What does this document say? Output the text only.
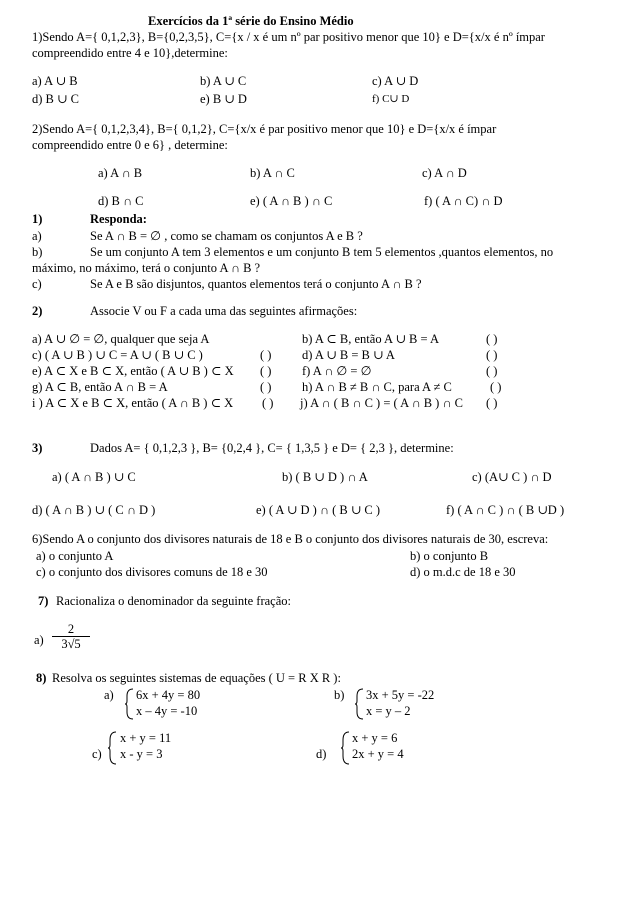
Exercícios da 1ª série do Ensino Médio
1)Sendo A={ 0,1,2,3}, B={0,2,3,5}, C={x / x é um nº par positivo menor que 10} e D={x/x é nº ímpar
compreendido entre 4 e 10},determine:
a) A ∪ B	b) A ∪ C	c) A ∪ D
d) B ∪ C	e) B ∪ D	f) C∪ D
2)Sendo A={ 0,1,2,3,4}, B={ 0,1,2}, C={x/x é par positivo menor que 10} e D={x/x é ímpar
compreendido entre 0 e 6} , determine:
a) A ∩ B	b) A ∩ C	c) A ∩ D
d) B ∩ C	e) ( A ∩ B ) ∩ C	f) ( A ∩ C) ∩ D
1)	Responda:
a)	Se A ∩ B = ∅ , como se chamam os conjuntos A e B ?
b)	Se um conjunto A tem 3 elementos e um conjunto B tem 5 elementos ,quantos elementos, no
máximo, no máximo, terá o conjunto A ∩ B ?
c)	Se A e B são disjuntos, quantos elementos terá o conjunto A ∩ B ?
2)	Associe V ou F a cada uma das seguintes afirmações:
a) A ∪ ∅ = ∅, qualquer que seja A	b) A ⊂ B, então A ∪ B = A	( )
c) ( A ∪ B ) ∪ C = A ∪ ( B ∪ C )	( ) d) A ∪ B = B ∪ A	( )
e) A ⊂ X e B ⊂ X, então ( A ∪ B ) ⊂ X ( ) f) A ∩ ∅ = ∅	( )
g) A ⊂ B, então A ∩ B = A	( ) h) A ∩ B ≠ B ∩ C, para A ≠ C	( )
i ) A ⊂ X e B ⊂ X, então ( A ∩ B ) ⊂ X ( ) j) A ∩ ( B ∩ C ) = ( A ∩ B ) ∩ C ( )
3)	Dados A= { 0,1,2,3 }, B= {0,2,4 }, C= { 1,3,5 } e D= { 2,3 }, determine:
a) ( A ∩ B ) ∪ C	b) ( B ∪ D ) ∩ A	c) (A∪ C ) ∩ D
d) ( A ∩ B ) ∪ ( C ∩ D )	e) ( A ∪ D ) ∩ ( B ∪ C )	f) ( A ∩ C ) ∩ ( B ∪D )
6)Sendo A o conjunto dos divisores naturais de 18 e B o conjunto dos divisores naturais de 30, escreva:
a) o conjunto A	b) o conjunto B
c) o conjunto dos divisores comuns de 18 e 30	d) o m.d.c de 18 e 30
7) Racionaliza o denominador da seguinte fração:
$a) \frac{2}{3√5}$
8) Resolva os seguintes sistemas de equações ( U = R X R ):
a) 6x + 4y = 80
x – 4y = -10
b) 3x + 5y = -22
x = y – 2
c)
x + y = 11
x - y = 3	d)
x + y = 6
2x + y = 4
